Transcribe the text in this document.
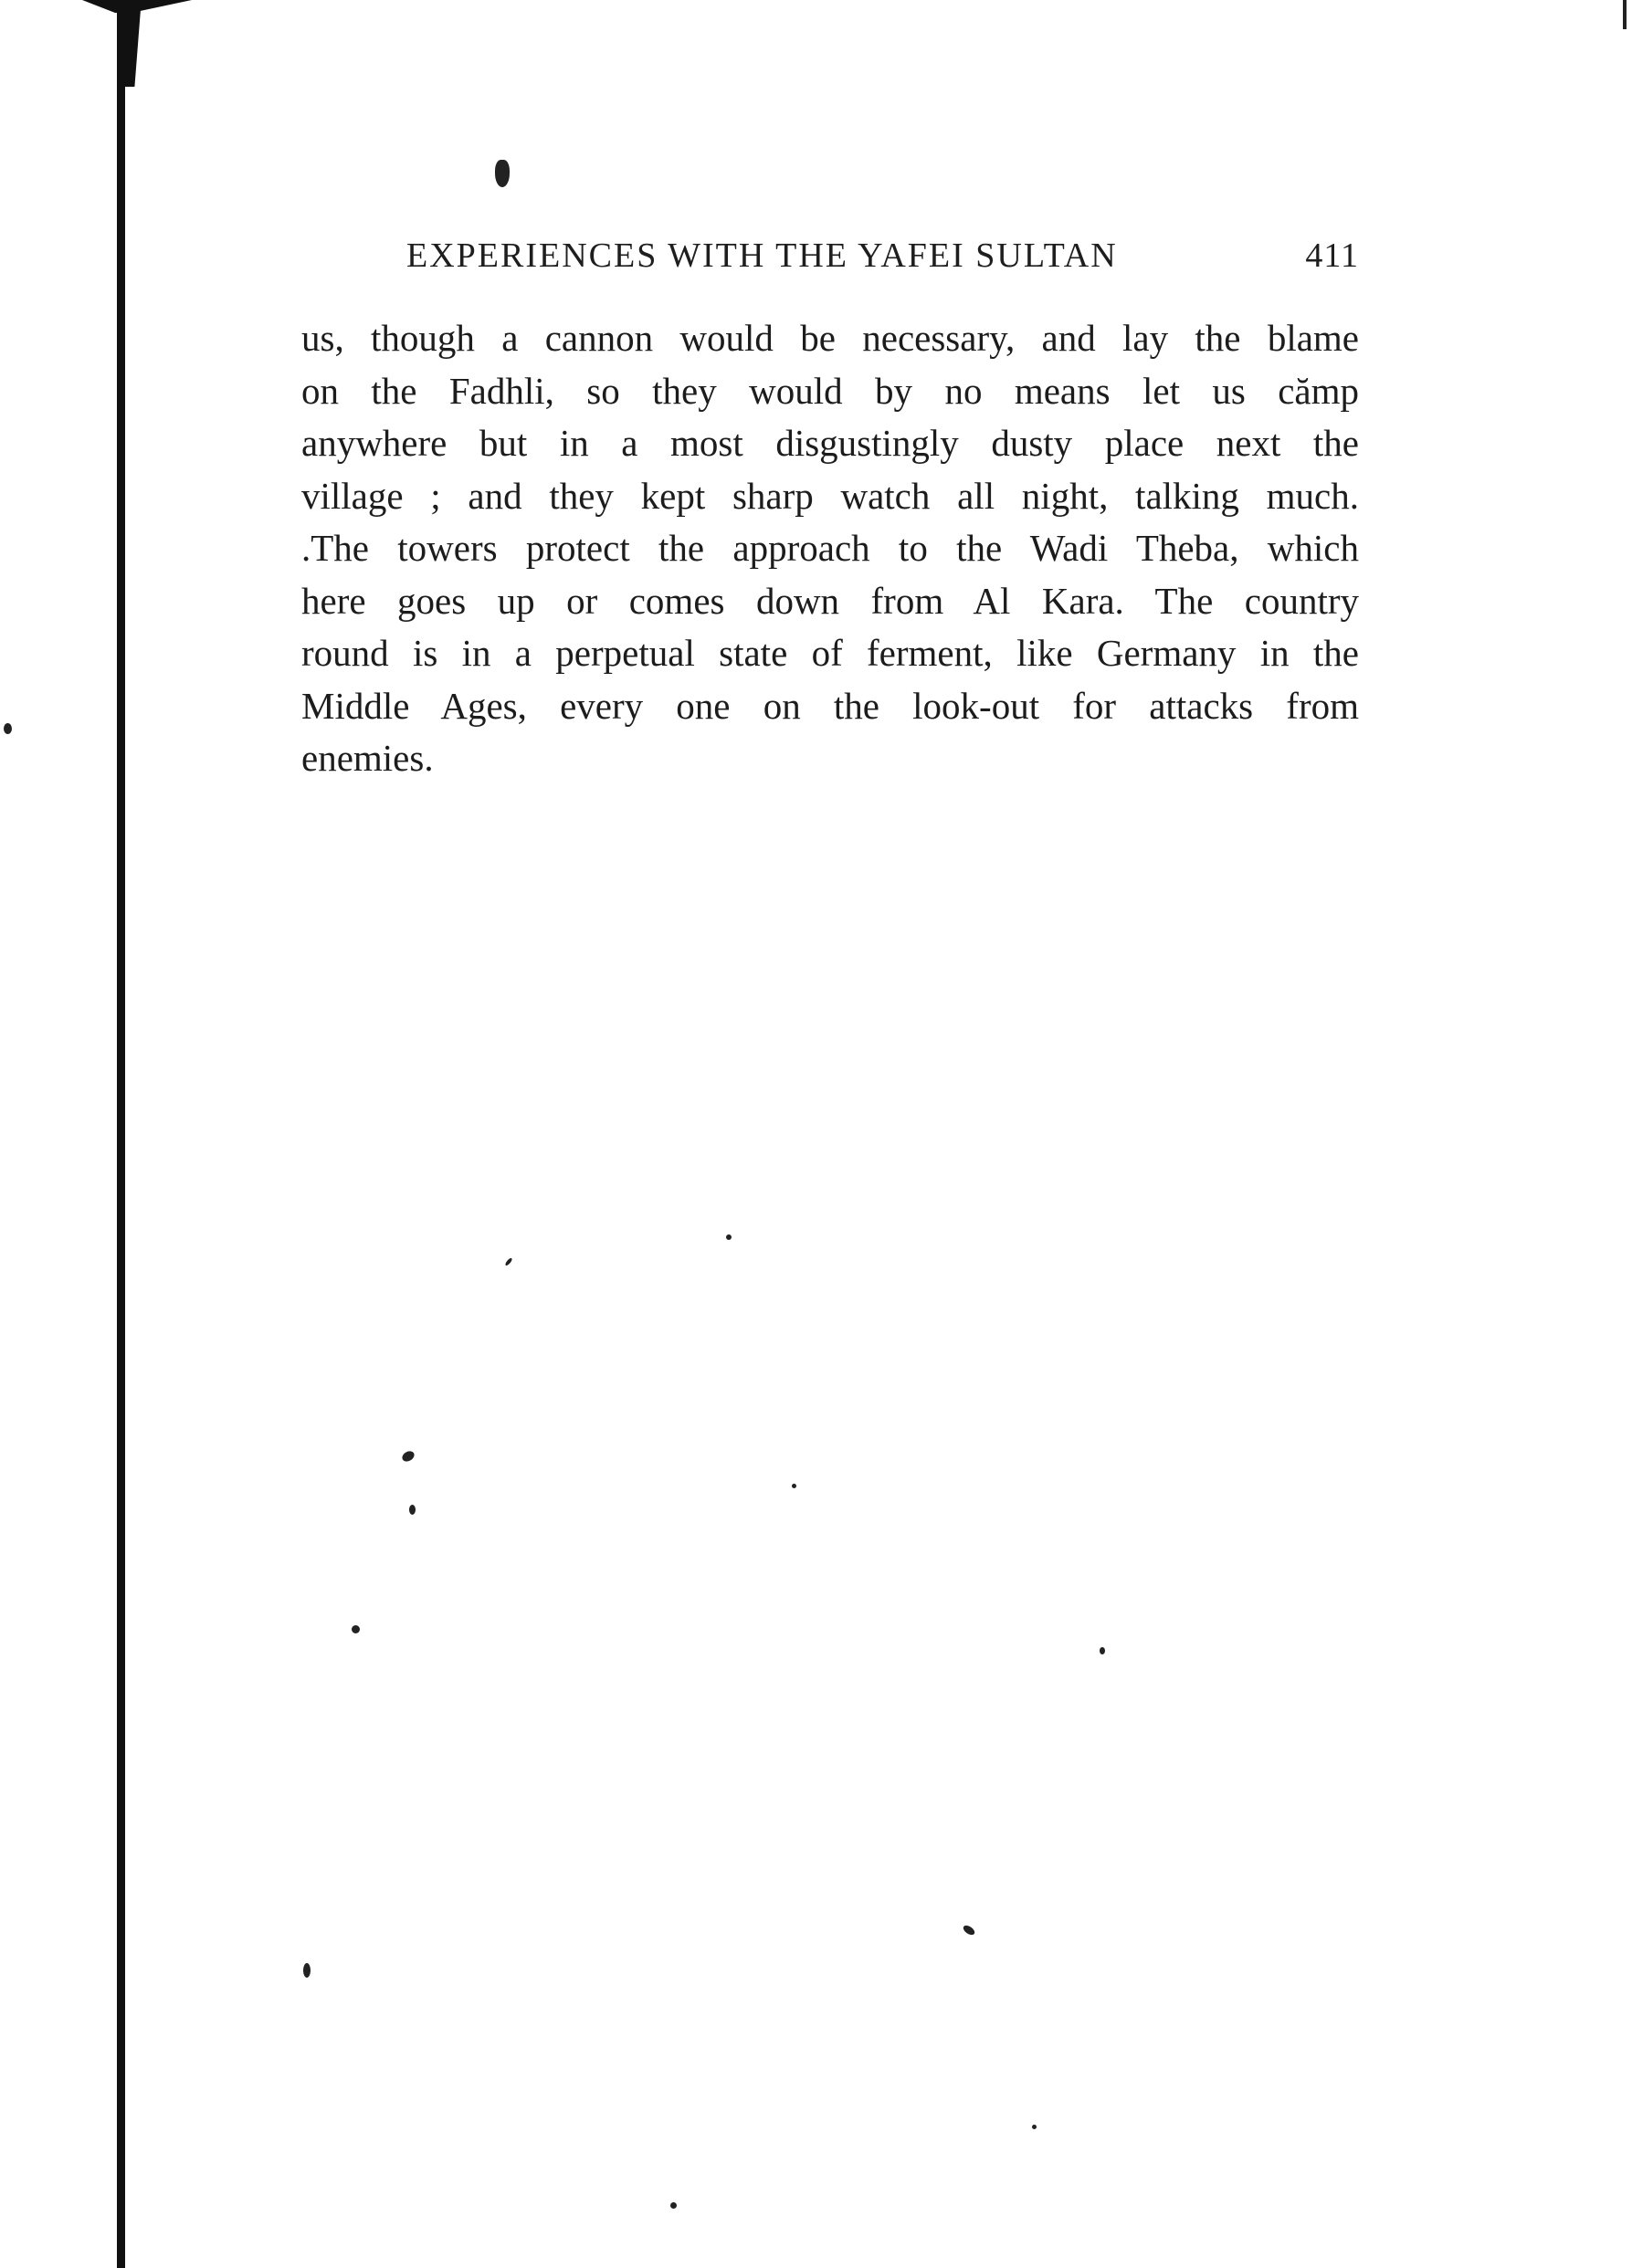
EXPERIENCES WITH THE YAFEI SULTAN	411
us, though a cannon would be necessary, and lay the blame
on the Fadhli, so they would by no means let us cămp
anywhere but in a most disgustingly dusty place next the
village ; and they kept sharp watch all night, talking much.
.The towers protect the approach to the Wadi Theba, which
here goes up or comes down from Al Kara. The country
round is in a perpetual state of ferment, like Germany in the
Middle Ages, every one on the look-out for attacks from
enemies.
